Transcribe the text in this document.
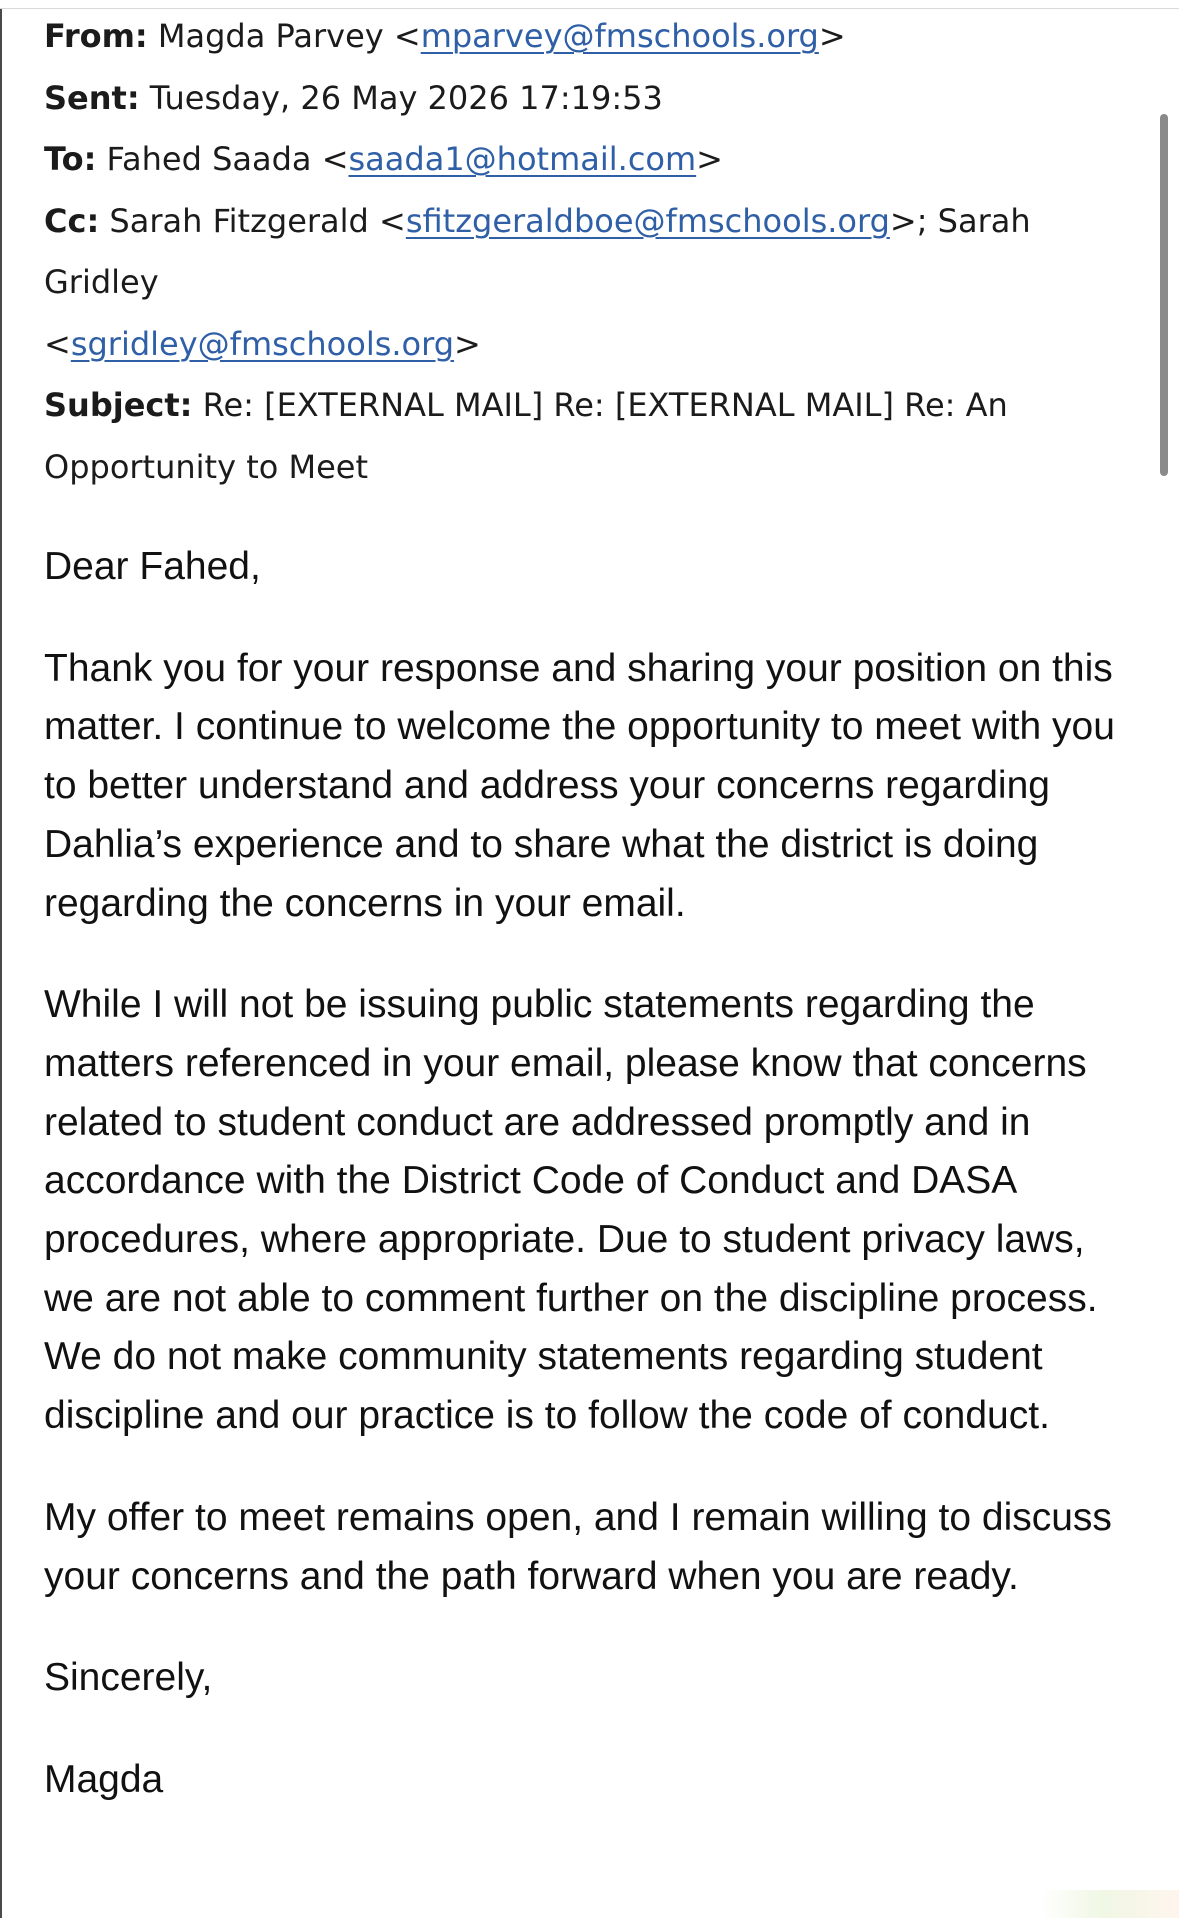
From: Magda Parvey <mparvey@fmschools.org>
Sent: Tuesday, 26 May 2026 17:19:53
To: Fahed Saada <saada1@hotmail.com>
Cc: Sarah Fitzgerald <sfitzgeraldboe@fmschools.org>; Sarah Gridley
<sgridley@fmschools.org>
Subject: Re: [EXTERNAL MAIL] Re: [EXTERNAL MAIL] Re: An
Opportunity to Meet

Dear Fahed,

Thank you for your response and sharing your position on this matter. I continue to welcome the opportunity to meet with you to better understand and address your concerns regarding Dahlia’s experience and to share what the district is doing regarding the concerns in your email.

While I will not be issuing public statements regarding the matters referenced in your email, please know that concerns related to student conduct are addressed promptly and in accordance with the District Code of Conduct and DASA procedures, where appropriate. Due to student privacy laws, we are not able to comment further on the discipline process. We do not make community statements regarding student discipline and our practice is to follow the code of conduct.

My offer to meet remains open, and I remain willing to discuss your concerns and the path forward when you are ready.

Sincerely,

Magda
